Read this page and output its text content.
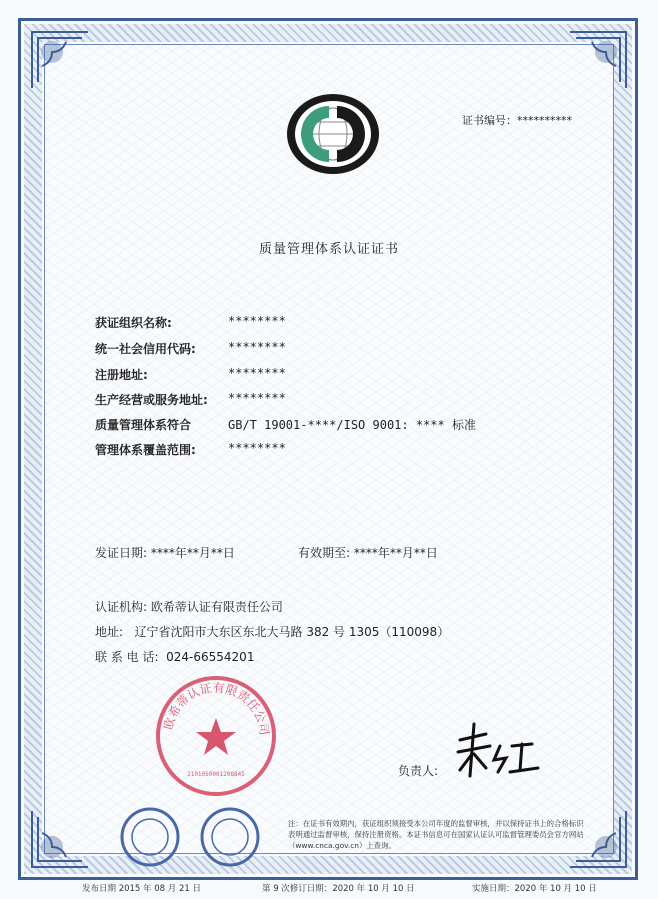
证书编号：**********
质量管理体系认证证书
获证组织名称:	********
统一社会信用代码:	********
注册地址:	********
生产经营或服务地址: ********
质量管理体系符合	GB/T 19001-****/ISO 9001: **** 标准
管理体系覆盖范围:	********
发证日期: ****年**月**日	有效期至: ****年**月**日
认证机构: 欧希蒂认证有限责任公司
地址: 辽宁省沈阳市大东区东北大马路 382 号 1305（110098）
联 系 电 话: 024-66554201
欧希蒂认证有限责任公司
2101050001208845	负责人:
注：在证书有效期内，获证组织须接受本公司年度的监督审核，并以保持证书上的合格标识表明通过监督审核，保持注册资格。本证书信息可在国家认证认可监督管理委员会官方网站（www.cnca.gov.cn）上查询。
发布日期 2015 年 08 月 21 日	第 9 次修订日期：2020 年 10 月 10 日	实施日期：2020 年 10 月 10 日
